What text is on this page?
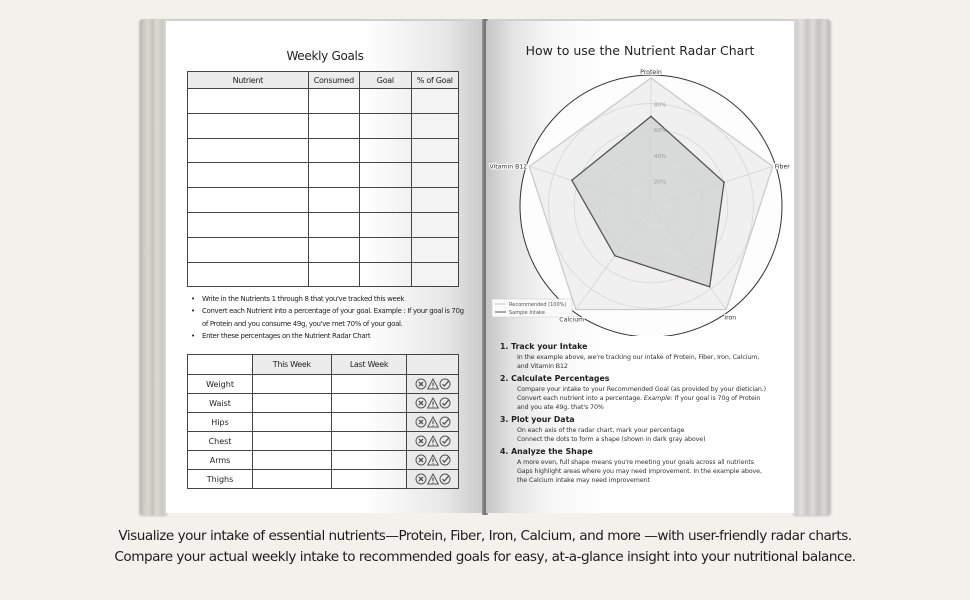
Weekly Goals
Nutrient	Consumed	Goal	% of Goal

• Write in the Nutrients 1 through 8 that you've tracked this week
• Convert each Nutrient into a percentage of your goal. Example : If your goal is 70g of Protein and you consume 49g, you've met 70% of your goal.
• Enter these percentages on the Nutrient Radar Chart
	This Week	Last Week	
Weight			
Waist			
Hips			
Chest			
Arms			
Thighs			
How to use the Nutrient Radar Chart
20%
40%
60%
80%
Recommended (100%)
Sample Intake
Protein
Fiber
Iron
Calcium
Vitamin B12
1. Track your Intake
In the example above, we're tracking our intake of Protein, Fiber, Iron, Calcium,
and Vitamin B12
2. Calculate Percentages
Compare your intake to your Recommended Goal (as provided by your dietician.)
Convert each nutrient into a percentage. Example: If your goal is 70g of Protein
and you ate 49g, that's 70%
3. Plot your Data
On each axis of the radar chart, mark your percentage
Connect the dots to form a shape (shown in dark gray above)
4. Analyze the Shape
A more even, full shape means you're meeting your goals across all nutrients
Gaps highlight areas where you may need improvement. In the example above,
the Calcium intake may need improvement
Visualize your intake of essential nutrients—Protein, Fiber, Iron, Calcium, and more —with user-friendly radar charts.
Compare your actual weekly intake to recommended goals for easy, at-a-glance insight into your nutritional balance.
